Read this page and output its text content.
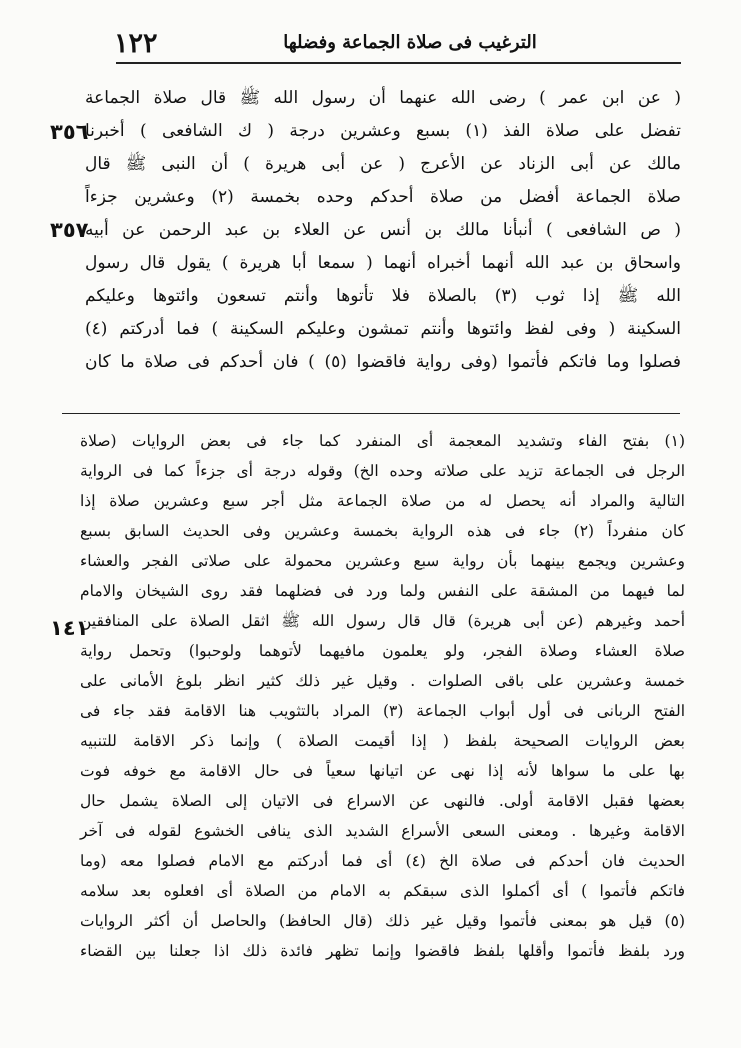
١٢٢	الترغيب فى صلاة الجماعة وفضلها
( عن ابن عمر ) رضى الله عنهما أن رسول الله ﷺ قال صلاة الجماعة
تفضل على صلاة الفذ (١) بسبع وعشرين درجة ( ك الشافعى ) أخبرنا
مالك عن أبى الزناد عن الأعرج ( عن أبى هريرة ) أن النبى ﷺ قال
صلاة الجماعة أفضل من صلاة أحدكم وحده بخمسة (٢) وعشرين جزءاً
( ص الشافعى ) أنبأنا مالك بن أنس عن العلاء بن عبد الرحمن عن أبيه
واسحاق بن عبد الله أنهما أخبراه أنهما ( سمعا أبا هريرة ) يقول قال رسول
الله ﷺ إذا ثوب (٣) بالصلاة فلا تأتوها وأنتم تسعون وائتوها وعليكم
السكينة ( وفى لفظ وائتوها وأنتم تمشون وعليكم السكينة ) فما أدركتم (٤)
فصلوا وما فاتكم فأتموا (وفى رواية فاقضوا (٥) ) فان أحدكم فى صلاة ما كان
٣٥٦
٣٥٧
(١) بفتح الفاء وتشديد المعجمة أى المنفرد كما جاء فى بعض الروايات (صلاة
الرجل فى الجماعة تزيد على صلاته وحده الخ) وقوله درجة أى جزءاً كما فى الرواية
التالية والمراد أنه يحصل له من صلاة الجماعة مثل أجر سبع وعشرين صلاة إذا
كان منفرداً (٢) جاء فى هذه الرواية بخمسة وعشرين وفى الحديث السابق بسبع
وعشرين ويجمع بينهما بأن رواية سبع وعشرين محمولة على صلاتى الفجر والعشاء
لما فيهما من المشقة على النفس ولما ورد فى فضلهما فقد روى الشيخان والامام
أحمد وغيرهم (عن أبى هريرة) قال قال رسول الله ﷺ اثقل الصلاة على المنافقين
صلاة العشاء وصلاة الفجر، ولو يعلمون مافيهما لأتوهما ولوحبوا) وتحمل رواية
خمسة وعشرين على باقى الصلوات . وقيل غير ذلك كثير انظر بلوغ الأمانى على
الفتح الربانى فى أول أبواب الجماعة (٣) المراد بالتثويب هنا الاقامة فقد جاء فى
بعض الروايات الصحيحة بلفظ ( إذا أقيمت الصلاة ) وإنما ذكر الاقامة للتنبيه
بها على ما سواها لأنه إذا نهى عن اتيانها سعياً فى حال الاقامة مع خوفه فوت
بعضها فقبل الاقامة أولى. فالنهى عن الاسراع فى الاتيان إلى الصلاة يشمل حال
الاقامة وغيرها . ومعنى السعى الأسراع الشديد الذى ينافى الخشوع لقوله فى آخر
الحديث فان أحدكم فى صلاة الخ (٤) أى فما أدركتم مع الامام فصلوا معه (وما
فاتكم فأتموا ) أى أكملوا الذى سبقكم به الامام من الصلاة أى افعلوه بعد سلامه
(٥) قيل هو بمعنى فأتموا وقيل غير ذلك (قال الحافظ) والحاصل أن أكثر الروايات
ورد بلفظ فأتموا وأقلها بلفظ فاقضوا وإنما تظهر فائدة ذلك اذا جعلنا بين القضاء
١٤١
